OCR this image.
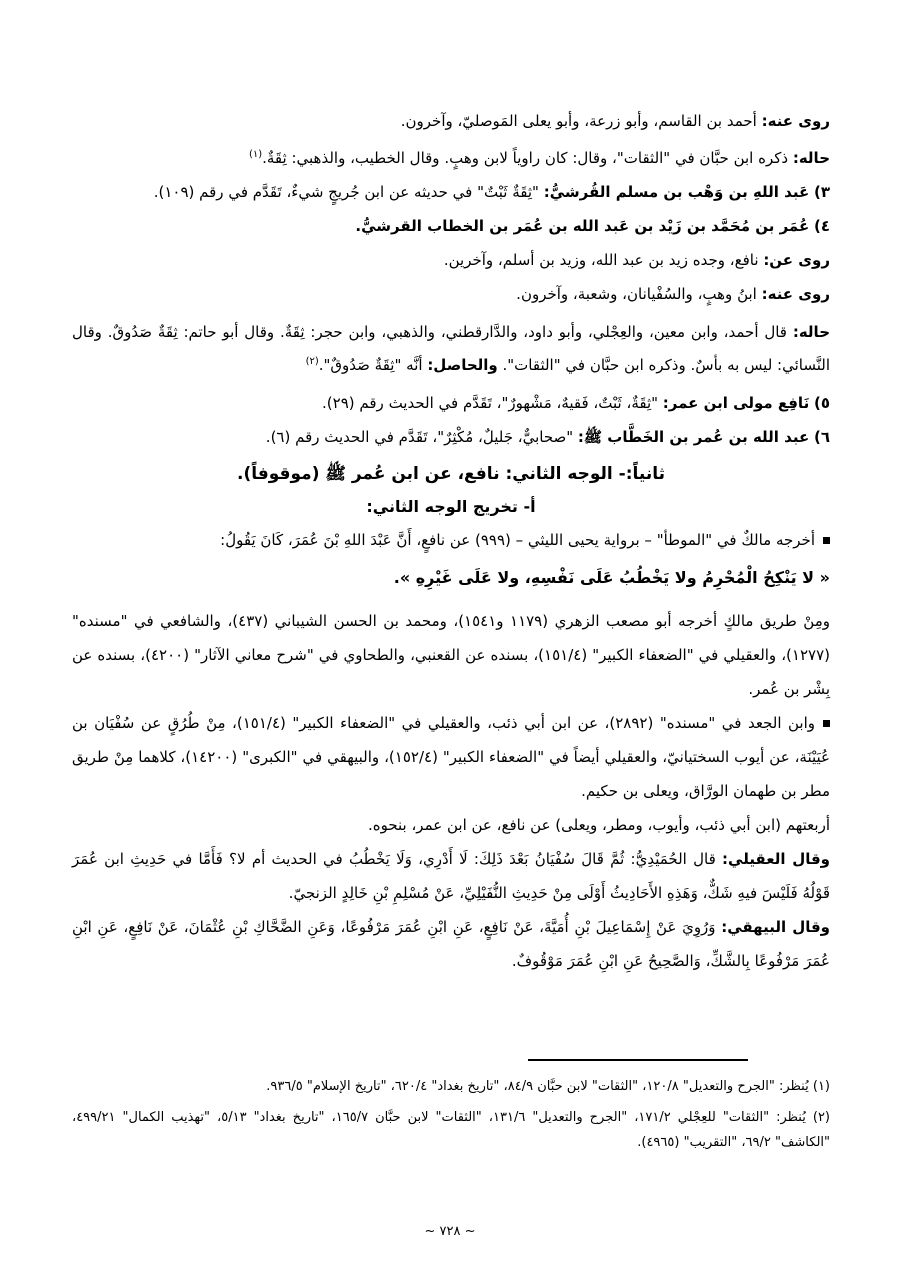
روى عنه: أحمد بن القاسم، وأبو زرعة، وأبو يعلى المَوصليّ، وآخرون.

حاله: ذكره ابن حبَّان في "الثقات"، وقال: كان راوياً لابن وهبٍ. وقال الخطيب، والذهبي: ثِقَةٌ.$^{(١)}$

٣) عَبد اللهِ بن وَهْب بن مسلم القُرشيُّ: "ثِقَةٌ ثَبْتٌ" في حديثه عن ابن جُريجٍ شيءٌ، تَقَدَّم في رقم (١٠٩).

٤) عُمَر بن مُحَمَّد بن زَيْد بن عَبد الله بن عُمَر بن الخطاب القرشيُّ.

روى عن: نافع، وجده زيد بن عبد الله، وزيد بن أسلم، وآخرين.

روى عنه: ابنُ وهبٍ، والسُفْيانان، وشعبة، وآخرون.

حاله: قال أحمد، وابن معين، والعِجْلي، وأبو داود، والدَّارقطني، والذهبي، وابن حجر: ثِقَةٌ. وقال أبو حاتم: ثِقَةٌ صَدُوقٌ. وقال النَّسائي: ليس به بأسٌ. وذكره ابن حبَّان في "الثقات". والحاصل: أنَّه "ثِقَةٌ صَدُوقٌ".$^{(٢)}$

٥) نَافِع مولى ابن عمر: "ثِقَةٌ، ثَبْتٌ، فَقيهٌ، مَشْهورٌ"، تَقَدَّم في الحديث رقم (٢٩).

٦) عبد الله بن عُمر بن الخَطَّاب ﷺ: "صحابيٌّ، جَليلٌ، مُكْثِرٌ"، تَقَدَّم في الحديث رقم (٦).

ثانياً:- الوجه الثاني: نافع، عن ابن عُمر ﷺ (موقوفاً).
أ- تخريج الوجه الثاني:

أخرجه مالكٌ في "الموطأ" – برواية يحيى الليثي – (٩٩٩) عن نافعٍ، أَنَّ عَبْدَ اللهِ بْنَ عُمَرَ، كَانَ يَقُولُ:

« لا يَنْكِحُ الْمُحْرِمُ ولا يَخْطُبُ عَلَى نَفْسِهِ، ولا عَلَى غَيْرِهِ ».

ومِنْ طريق مالكٍ أخرجه أبو مصعب الزهري (١١٧٩ و١٥٤١)، ومحمد بن الحسن الشيباني (٤٣٧)، والشافعي في "مسنده" (١٢٧٧)، والعقيلي في "الضعفاء الكبير" (١٥١/٤)، بسنده عن القعنبي، والطحاوي في "شرح معاني الآثار" (٤٢٠٠)، بسنده عن بِشْر بن عُمر.

وابن الجعد في "مسنده" (٢٨٩٢)، عن ابن أبي ذئب، والعقيلي في "الضعفاء الكبير" (١٥١/٤)، مِنْ طُرُقٍ عن سُفْيَان بن عُيَيْنَة، عن أيوب السختيانيّ، والعقيلي أيضاً في "الضعفاء الكبير" (١٥٢/٤)، والبيهقي في "الكبرى" (١٤٢٠٠)، كلاهما مِنْ طريق مطر بن طهمان الورَّاق، ويعلى بن حكيم.

أربعتهم (ابن أبي ذئب، وأيوب، ومطر، ويعلى) عن نافع، عن ابن عمر، بنحوه.

وقال العقيلي: قال الحُمَيْدِيُّ: ثُمَّ قَالَ سُفْيَانُ بَعْدَ ذَلِكَ: لَا أَدْرِي، وَلَا يَخْطُبُ في الحديث أم لا؟ فَأَمَّا في حَدِيثِ ابن عُمَرَ قَوْلُهُ فَلَيْسَ فيهِ شَكٌّ، وَهَذِهِ الأَحَادِيثُ أَوْلَى مِنْ حَدِيثِ النُّفَيْلِيِّ، عَنْ مُسْلِمِ بْنِ خَالِدٍ الزنجيّ.

وقال البيهقي: وَرُوِيَ عَنْ إِسْمَاعِيلَ بْنِ أُمَيَّةَ، عَنْ نَافِعٍ، عَنِ ابْنِ عُمَرَ مَرْفُوعًا، وَعَنِ الضَّحَّاكِ بْنِ عُثْمَانَ، عَنْ نَافِعٍ، عَنِ ابْنِ عُمَرَ مَرْفُوعًا بِالشَّكِّ، وَالصَّحِيحُ عَنِ ابْنِ عُمَرَ مَوْقُوفٌ.

(١) يُنظر: "الجرح والتعديل" ١٢٠/٨، "الثقات" لابن حبَّان ٨٤/٩، "تاريخ بغداد" ٦٢٠/٤، "تاريخ الإسلام" ٩٣٦/٥.

(٢) يُنظر: "الثقات" للعِجْلي ١٧١/٢، "الجرح والتعديل" ١٣١/٦، "الثقات" لابن حبَّان ١٦٥/٧، "تاريخ بغداد" ٥/١٣، "تهذيب الكمال" ٤٩٩/٢١، "الكاشف" ٦٩/٢، "التقريب" (٤٩٦٥).

~ ٧٢٨ ~
